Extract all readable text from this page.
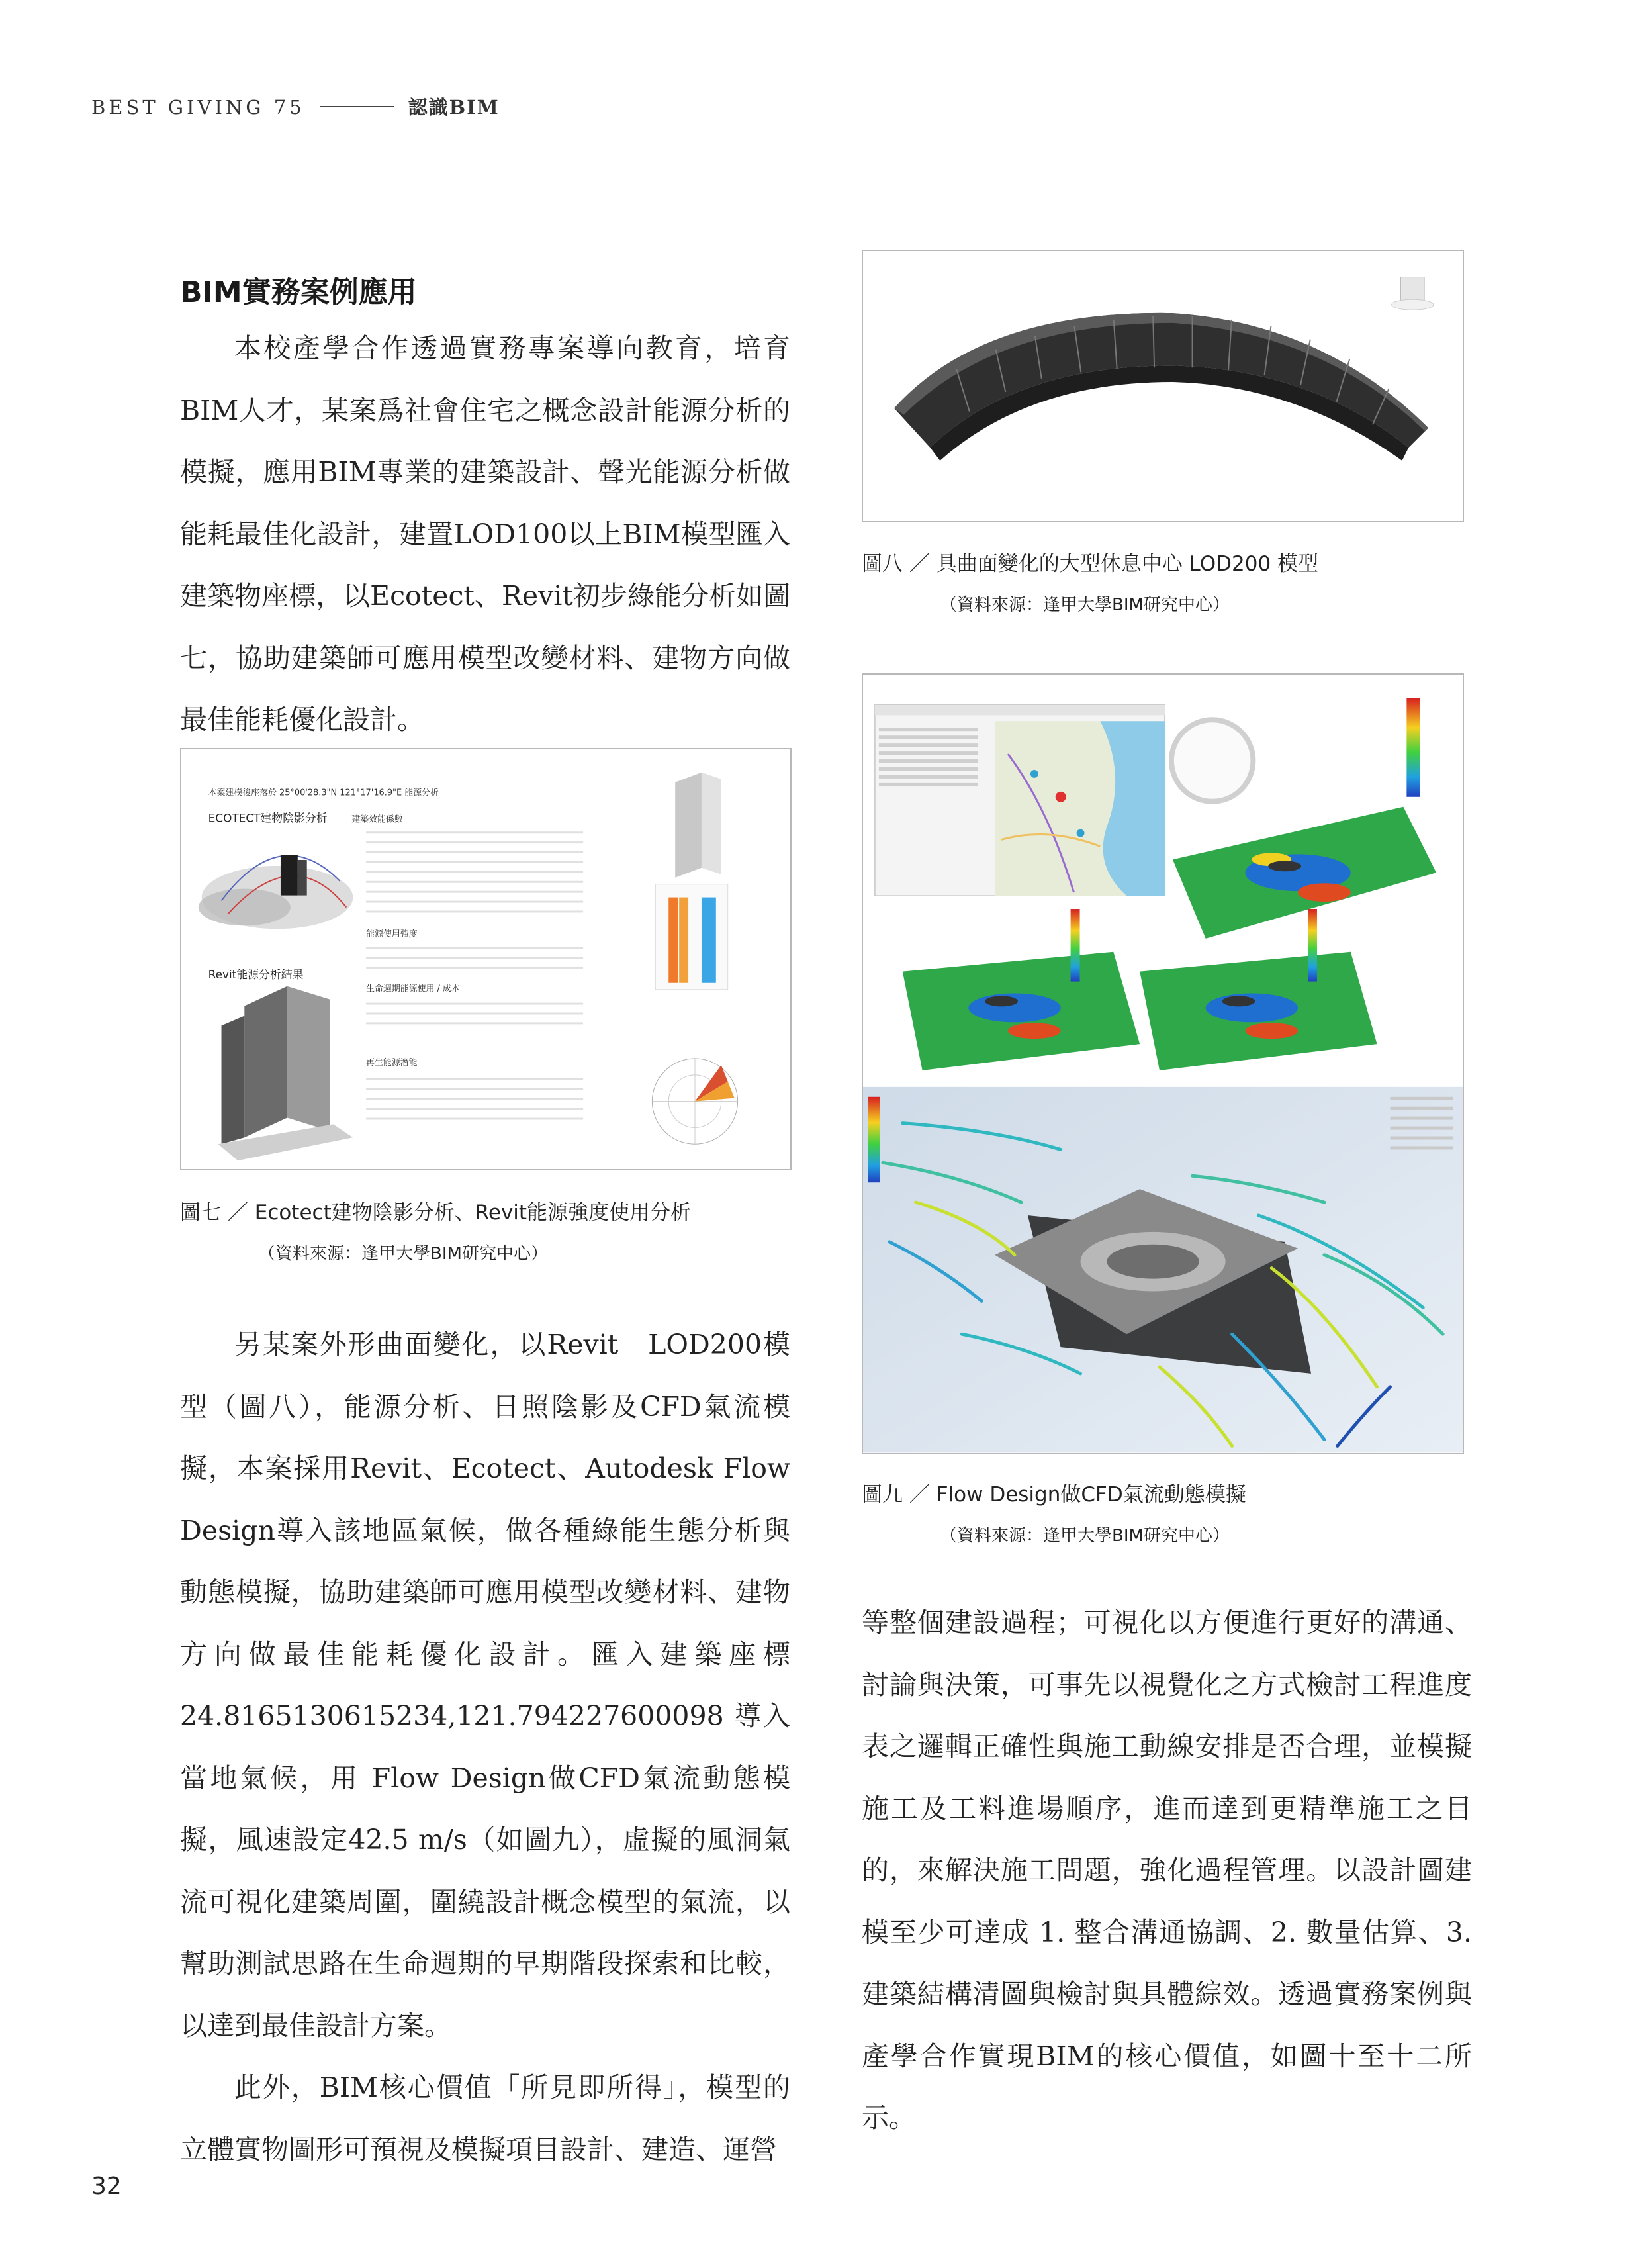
BEST GIVING 75	認識BIM
BIM實務案例應用

本校產學合作透過實務專案導向教育，培育BIM人才，某案爲社會住宅之概念設計能源分析的模擬，應用BIM專業的建築設計、聲光能源分析做能耗最佳化設計，建置LOD100以上BIM模型匯入建築物座標，以Ecotect、Revit初步綠能分析如圖七，協助建築師可應用模型改變材料、建物方向做最佳能耗優化設計。

本案建模後座落於 25°00'28.3"N 121°17'16.9"E 能源分析
ECOTECT建物陰影分析	建築效能係數
能源使用強度
Revit能源分析結果
生命週期能源使用 / 成本
再生能源潛能
圖七 ／ Ecotect建物陰影分析、Revit能源強度使用分析
（資料來源：逢甲大學BIM研究中心）

另某案外形曲面變化，以Revit　LOD200模型（圖八），能源分析、日照陰影及CFD氣流模擬，本案採用Revit、Ecotect、Autodesk Flow Design導入該地區氣候，做各種綠能生態分析與動態模擬，協助建築師可應用模型改變材料、建物方向做最佳能耗優化設計。匯入建築座標24.8165130615234,121.794227600098 導入當地氣候，用 Flow Design做CFD氣流動態模擬，風速設定42.5 m/s（如圖九），虛擬的風洞氣流可視化建築周圍，圍繞設計概念模型的氣流，以幫助測試思路在生命週期的早期階段探索和比較，以達到最佳設計方案。

此外，BIM核心價值「所見即所得」，模型的立體實物圖形可預視及模擬項目設計、建造、運營

圖八 ／ 具曲面變化的大型休息中心 LOD200 模型
（資料來源：逢甲大學BIM研究中心）
圖九 ／ Flow Design做CFD氣流動態模擬
（資料來源：逢甲大學BIM研究中心）

等整個建設過程；可視化以方便進行更好的溝通、討論與決策，可事先以視覺化之方式檢討工程進度表之邏輯正確性與施工動線安排是否合理，並模擬施工及工料進場順序，進而達到更精準施工之目的，來解決施工問題，強化過程管理。以設計圖建模至少可達成 1. 整合溝通協調、2. 數量估算、3. 建築結構清圖與檢討與具體綜效。透過實務案例與產學合作實現BIM的核心價值，如圖十至十二所示。

32
